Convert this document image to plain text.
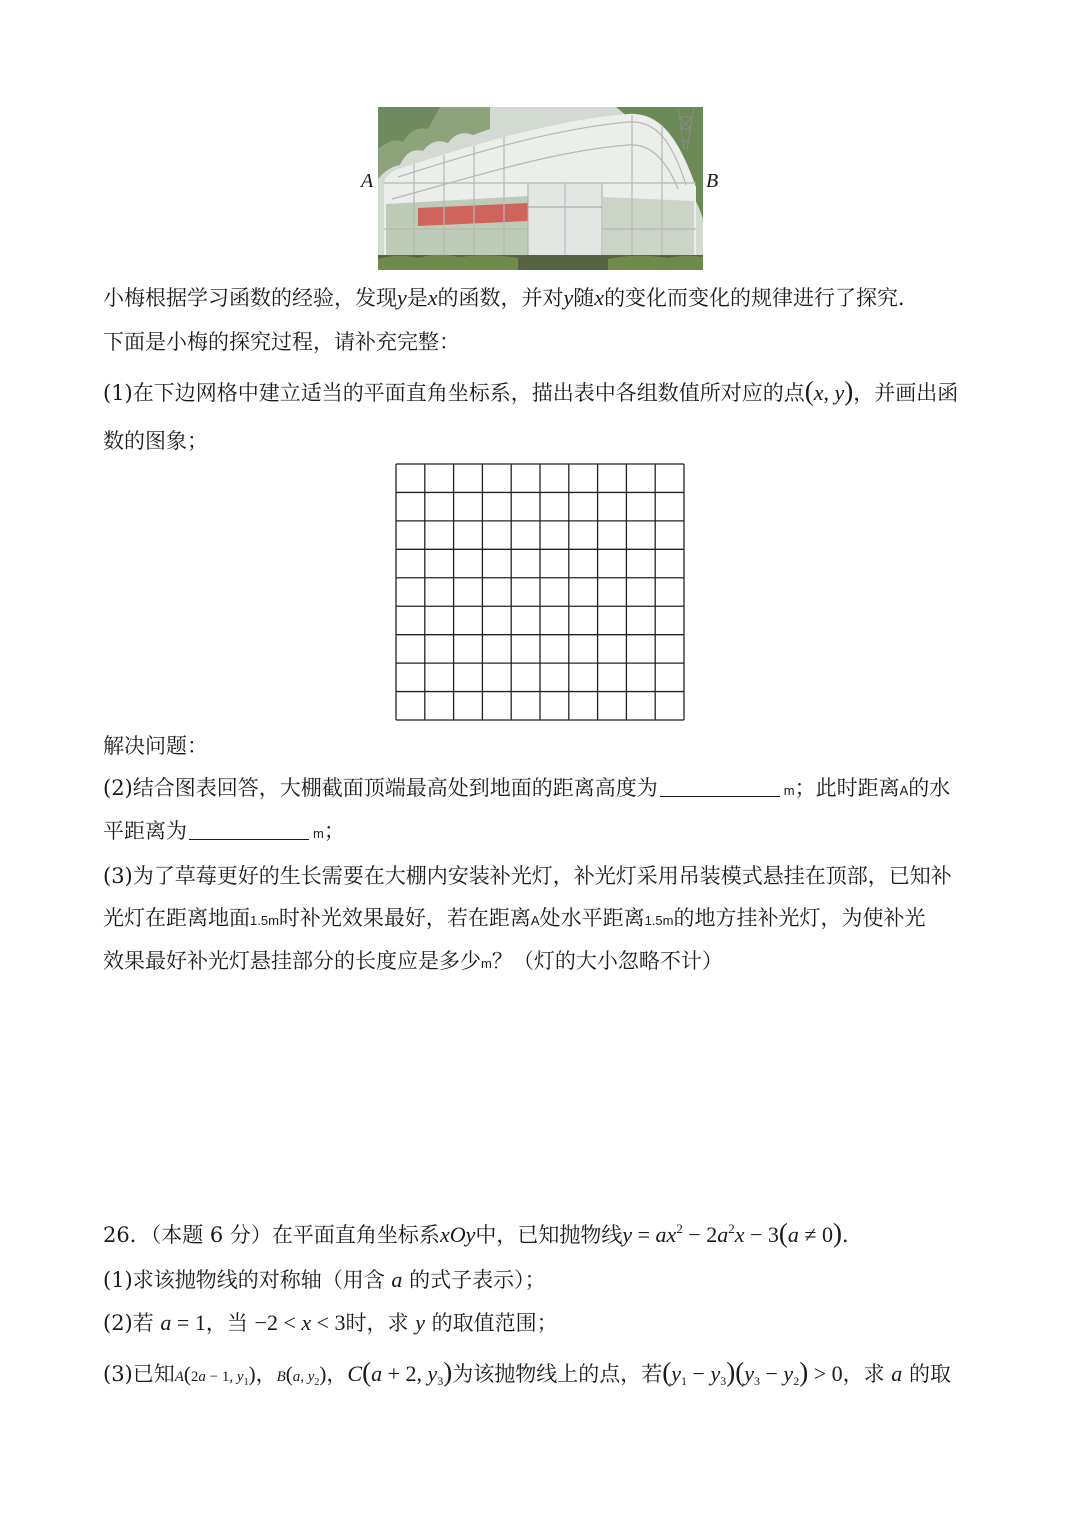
A	B
小梅根据学习函数的经验，发现y是x的函数，并对y随x的变化而变化的规律进行了探究．
下面是小梅的探究过程，请补充完整：
(1)在下边网格中建立适当的平面直角坐标系，描出表中各组数值所对应的点(x, y)，并画出函
数的图象；
解决问题：
(2)结合图表回答，大棚截面顶端最高处到地面的距离高度为	m；此时距离A的水
平距离为	m；
(3)为了草莓更好的生长需要在大棚内安装补光灯，补光灯采用吊装模式悬挂在顶部，已知补
光灯在距离地面1.5m时补光效果最好，若在距离A处水平距离1.5m的地方挂补光灯，为使补光
效果最好补光灯悬挂部分的长度应是多少m？（灯的大小忽略不计）
26．（本题 6 分）在平面直角坐标系xOy中，已知抛物线$y = ax^2 - 2a^2x - 3(a \ne 0)$．
(1)求该抛物线的对称轴（用含 a 的式子表示）；
(2)若 a = 1，当 −2 < x < 3时，求 y 的取值范围；
(3)已知A(2a − 1, $y_1$)，B(a, $y_2$)，C(a + 2, $y_3$)为该抛物线上的点，若$(y_1 - y_3)(y_3 - y_2) > 0$，求 a 的取
